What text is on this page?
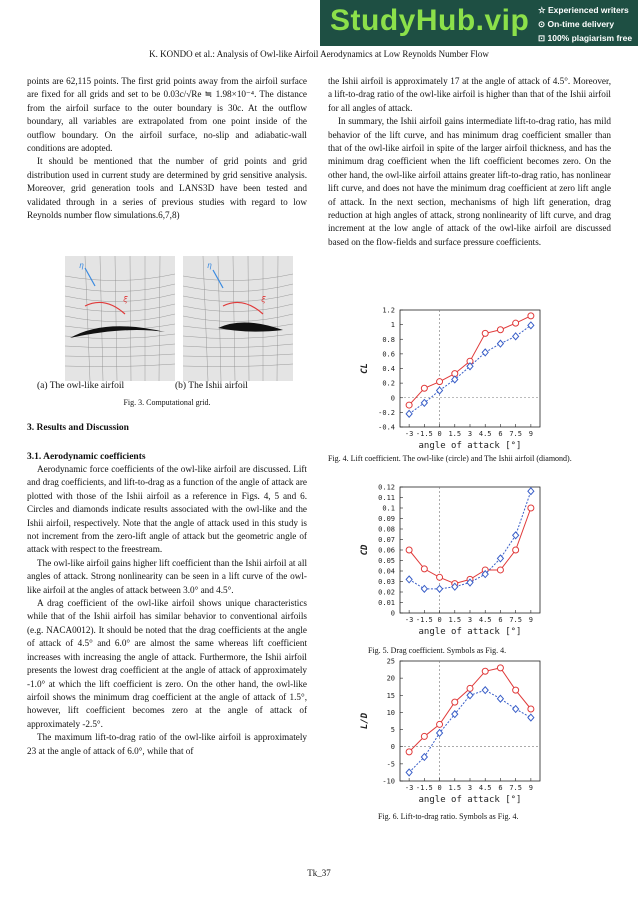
StudyHub.vip ☆ Experienced writers
⊙ On-time delivery
⊡ 100% plagiarism free
K. KONDO et al.: Analysis of Owl-like Airfoil Aerodynamics at Low Reynolds Number Flow

points are 62,115 points. The first grid points away from the airfoil surface are fixed for all grids and set to be 0.03c/√Re ≒ 1.98×10⁻⁴. The distance from the airfoil surface to the outer boundary is 30c. At the outflow boundary, all variables are extrapolated from one point inside of the outflow boundary. On the airfoil surface, no-slip and adiabatic-wall conditions are adopted.

It should be mentioned that the number of grid points and grid distribution used in current study are determined by grid sensitive analysis. Moreover, grid generation tools and LANS3D have been tested and validated through in a series of previous studies with regard to low Reynolds number flow simulations.6,7,8)

η
ξ
η
ξ
(a) The owl-like airfoil	(b) The Ishii airfoil
Fig. 3. Computational grid.
3. Results and Discussion
3.1. Aerodynamic coefficients

Aerodynamic force coefficients of the owl-like airfoil are discussed. Lift and drag coefficients, and lift-to-drag as a function of the angle of attack are plotted with those of the Ishii airfoil as a reference in Figs. 4, 5 and 6. Circles and diamonds indicate results associated with the owl-like and the Ishii airfoil, respectively. Note that the angle of attack used in this study is not increment from the zero-lift angle of attack but the geometric angle of attack with respect to the freestream.

The owl-like airfoil gains higher lift coefficient than the Ishii airfoil at all angles of attack. Strong nonlinearity can be seen in a lift curve of the owl-like airfoil at the angles of attack between 3.0° and 4.5°.

A drag coefficient of the owl-like airfoil shows unique characteristics while that of the Ishii airfoil has similar behavior to conventional airfoils (e.g. NACA0012). It should be noted that the drag coefficients at the angle of attack of 4.5° and 6.0° are almost the same whereas lift coefficient increases with increasing the angle of attack. Furthermore, the Ishii airfoil presents the lowest drag coefficient at the angle of attack of approximately -1.0° at which the lift coefficient is zero. On the other hand, the owl-like airfoil shows the minimum drag coefficient at the angle of attack of 1.5°, however, lift coefficient becomes zero at the angle of attack of approximately -2.5°.

The maximum lift-to-drag ratio of the owl-like airfoil is approximately 23 at the angle of attack of 6.0°, while that of

the Ishii airfoil is approximately 17 at the angle of attack of 4.5°. Moreover, a lift-to-drag ratio of the owl-like airfoil is higher than that of the Ishii airfoil for all angles of attack.

In summary, the Ishii airfoil gains intermediate lift-to-drag ratio, has mild behavior of the lift curve, and has minimum drag coefficient smaller than that of the owl-like airfoil in spite of the larger airfoil thickness, and has the minimum drag coefficient when the lift coefficient becomes zero. On the other hand, the owl-like airfoil attains greater lift-to-drag ratio, has nonlinear lift curve, and does not have the minimum drag coefficient at zero lift angle of attack. In the next section, mechanisms of high lift generation, drag reduction at high angles of attack, strong nonlinearity of lift curve, and drag increment at the low angle of attack of the owl-like airfoil are discussed based on the flow-fields and surface pressure coefficients.

-0.4
-0.2
0
0.2
0.4
0.6
0.8
1
1.2
-3 -1.5 0 1.5 3 4.5 6 7.5 9
angle of attack [°]
CL
Fig. 4. Lift coefficient. The owl-like (circle) and The Ishii airfoil (diamond).
0
0.01
0.02
0.03
0.04
0.05
0.06
0.07
0.08
0.09
0.1
0.11
0.12
-3 -1.5 0 1.5 3 4.5 6 7.5 9
angle of attack [°]
CD
Fig. 5. Drag coefficient. Symbols as Fig. 4.
-10
-5
0
5
10
15
20
25
-3 -1.5 0 1.5 3 4.5 6 7.5 9
angle of attack [°]
L/D
Fig. 6. Lift-to-drag ratio. Symbols as Fig. 4.
Tk_37
